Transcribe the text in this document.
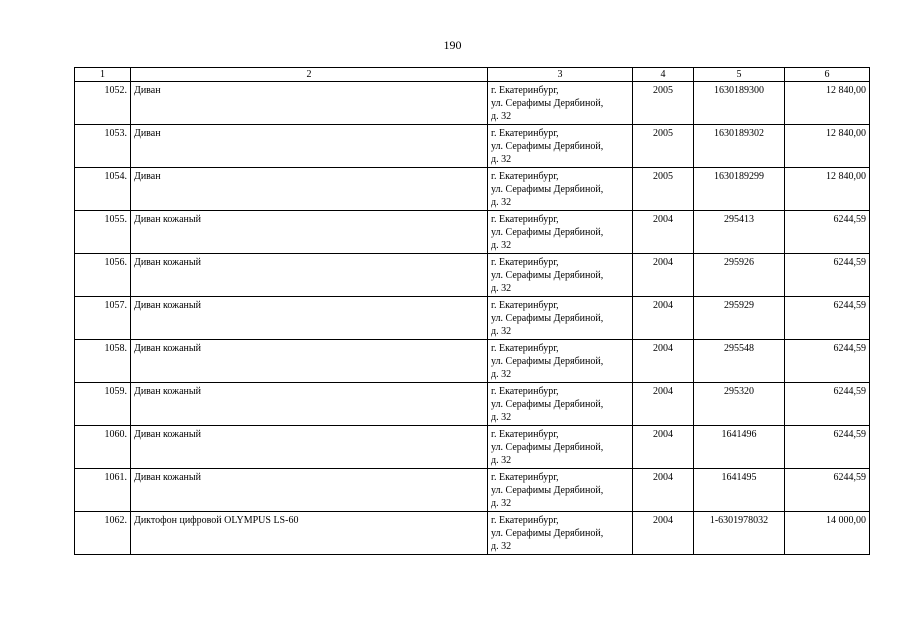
190
1	2	3	4	5	6
1052.	Диван	г. Екатеринбург,
ул. Серафимы Дерябиной,
д. 32	2005	1630189300	12 840,00
1053.	Диван	г. Екатеринбург,
ул. Серафимы Дерябиной,
д. 32	2005	1630189302	12 840,00
1054.	Диван	г. Екатеринбург,
ул. Серафимы Дерябиной,
д. 32	2005	1630189299	12 840,00
1055.	Диван кожаный	г. Екатеринбург,
ул. Серафимы Дерябиной,
д. 32	2004	295413	6244,59
1056.	Диван кожаный	г. Екатеринбург,
ул. Серафимы Дерябиной,
д. 32	2004	295926	6244,59
1057.	Диван кожаный	г. Екатеринбург,
ул. Серафимы Дерябиной,
д. 32	2004	295929	6244,59
1058.	Диван кожаный	г. Екатеринбург,
ул. Серафимы Дерябиной,
д. 32	2004	295548	6244,59
1059.	Диван кожаный	г. Екатеринбург,
ул. Серафимы Дерябиной,
д. 32	2004	295320	6244,59
1060.	Диван кожаный	г. Екатеринбург,
ул. Серафимы Дерябиной,
д. 32	2004	1641496	6244,59
1061.	Диван кожаный	г. Екатеринбург,
ул. Серафимы Дерябиной,
д. 32	2004	1641495	6244,59
1062.	Диктофон цифровой OLYMPUS LS-60	г. Екатеринбург,
ул. Серафимы Дерябиной,
д. 32	2004	1-6301978032	14 000,00
